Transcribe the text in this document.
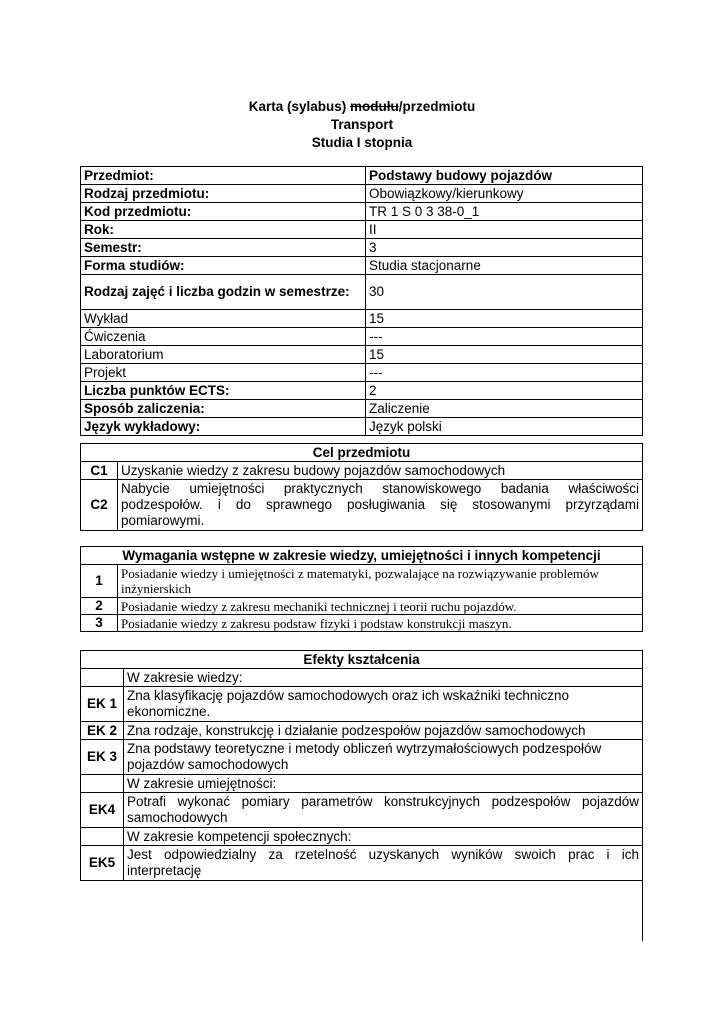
Karta (sylabus) modułu/przedmiotu
Transport
Studia I stopnia
Przedmiot:	Podstawy budowy pojazdów
Rodzaj przedmiotu:	Obowiązkowy/kierunkowy
Kod przedmiotu:	TR 1 S 0 3 38-0_1
Rok:	II
Semestr:	3
Forma studiów:	Studia stacjonarne
Rodzaj zajęć i liczba godzin w semestrze:	30
Wykład	15
Ćwiczenia	---
Laboratorium	15
Projekt	---
Liczba punktów ECTS:	2
Sposób zaliczenia:	Zaliczenie
Język wykładowy:	Język polski
Cel przedmiotu	
C1	Uzyskanie wiedzy z zakresu budowy pojazdów samochodowych
C2	Nabycie umiejętności praktycznych stanowiskowego badania właściwości podzespołów. i do sprawnego posługiwania się stosowanymi przyrządami pomiarowymi.
Wymagania wstępne w zakresie wiedzy, umiejętności i innych kompetencji	
1	Posiadanie wiedzy i umiejętności z matematyki, pozwalające na rozwiązywanie problemów inżynierskich
2	Posiadanie wiedzy z zakresu mechaniki technicznej i teorii ruchu pojazdów.
3	Posiadanie wiedzy z zakresu podstaw fizyki i podstaw konstrukcji maszyn.
Efekty kształcenia	
	W zakresie wiedzy:
EK 1	Zna klasyfikację pojazdów samochodowych oraz ich wskaźniki techniczno ekonomiczne.
EK 2	Zna rodzaje, konstrukcję i działanie podzespołów pojazdów samochodowych
EK 3	Zna podstawy teoretyczne i metody obliczeń wytrzymałościowych podzespołów pojazdów samochodowych
	W zakresie umiejętności:
EK4	Potrafi wykonać pomiary parametrów konstrukcyjnych podzespołów pojazdów samochodowych
	W zakresie kompetencji społecznych:
EK5	Jest odpowiedzialny za rzetelność uzyskanych wyników swoich prac i ich interpretację
